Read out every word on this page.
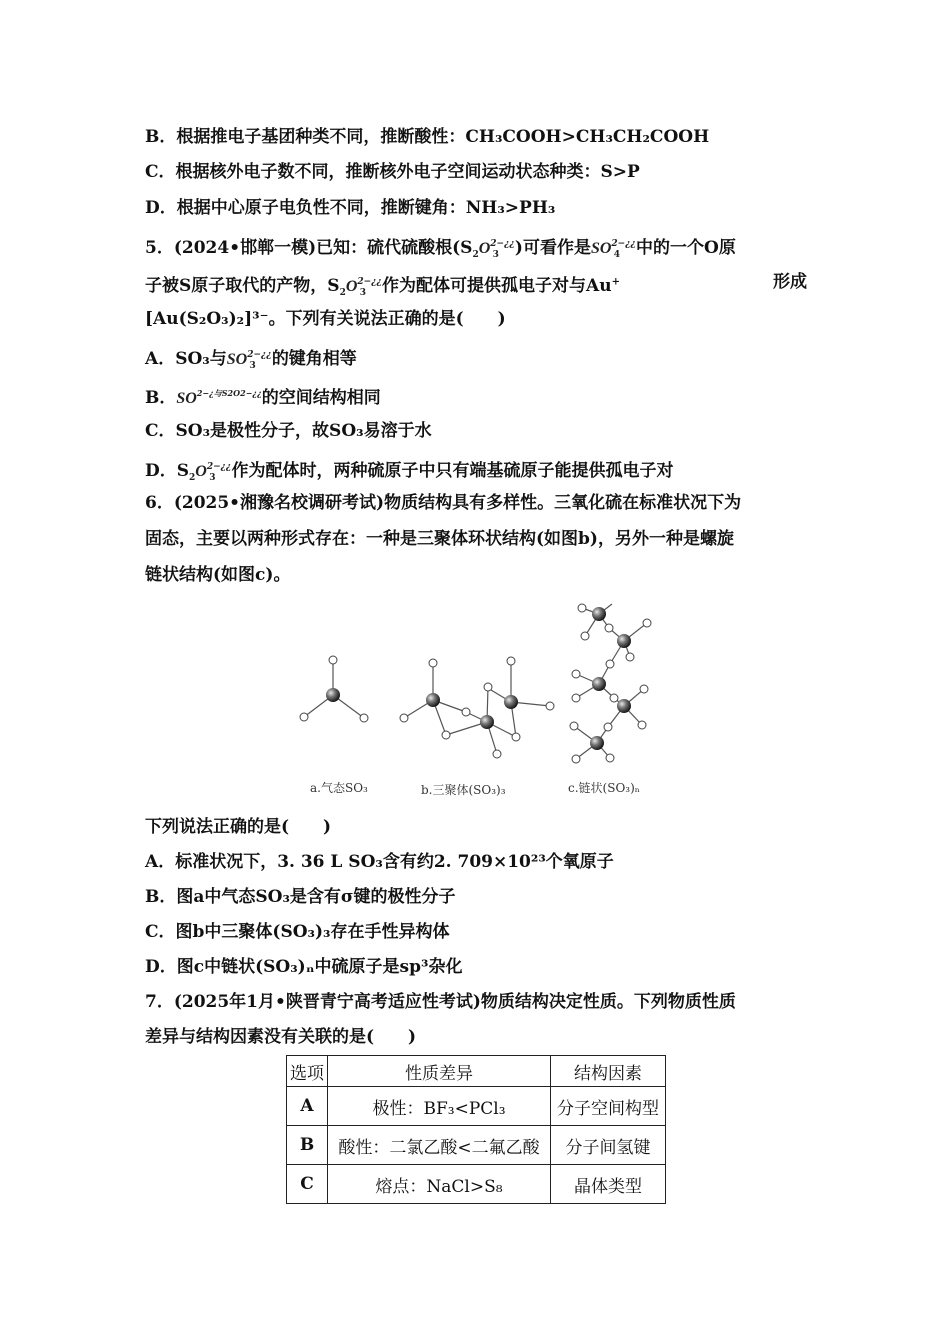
B．根据推电子基团种类不同，推断酸性：CH₃COOH>CH₃CH₂COOH
C．根据核外电子数不同，推断核外电子空间运动状态种类：S>P
D．根据中心原子电负性不同，推断键角：NH₃>PH₃
5．(2024•邯郸一模)已知：硫代硫酸根($S_2O^{2-¿¿}_3$ )可看作是$SO^{2-¿¿}_4$ 中的一个O原
子被S原子取代的产物，$S_2O^{2-¿¿}_3$ 作为配体可提供孤电子对与Au+	形成
[Au(S₂O₃)₂]³⁻。下列有关说法正确的是(　　)
A．SO₃与$SO^{2-¿¿}_3$ 的键角相等
B．$SO^{2-¿与S2O2-¿¿}$的空间结构相同
C．SO₃是极性分子，故SO₃易溶于水
D．$S_2O^{2-¿¿}_3$ 作为配体时，两种硫原子中只有端基硫原子能提供孤电子对
6．(2025•湘豫名校调研考试)物质结构具有多样性。三氧化硫在标准状况下为
固态，主要以两种形式存在：一种是三聚体环状结构(如图b)，另外一种是螺旋
链状结构(如图c)。
下列说法正确的是(　　)
A．标准状况下，3. 36 L SO₃含有约2. 709×10²³个氧原子
B．图a中气态SO₃是含有σ键的极性分子
C．图b中三聚体(SO₃)₃存在手性异构体
D．图c中链状(SO₃)ₙ中硫原子是sp³杂化
7．(2025年1月•陕晋青宁高考适应性考试)物质结构决定性质。下列物质性质
差异与结构因素没有关联的是(　　)
a.气态SO₃	b.三聚体(SO₃)₃	c.链状(SO₃)ₙ
选项	性质差异	结构因素
A	极性：BF₃<PCl₃	分子空间构型
B	酸性：二氯乙酸<二氟乙酸	分子间氢键
C	熔点：NaCl>S₈	晶体类型
